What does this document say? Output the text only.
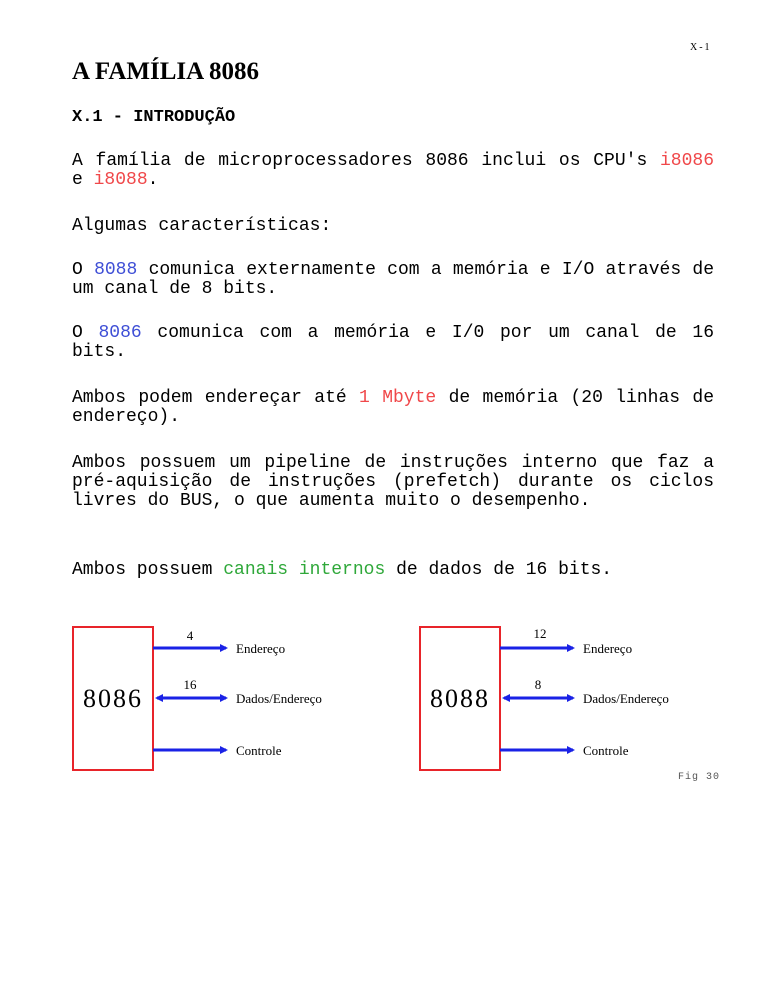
X-1
A FAMÍLIA 8086
X.1 - INTRODUÇÃO

A família de microprocessadores 8086 inclui os CPU's i8086 e i8088.

Algumas características:

O 8088 comunica externamente com a memória e I/O através de um canal de 8 bits.

O 8086 comunica com a memória e I/0 por um canal de 16 bits.

Ambos podem endereçar até 1 Mbyte de memória (20 linhas de endereço).

Ambos possuem um pipeline de instruções interno que faz a pré-aquisição de instruções (prefetch) durante os ciclos livres do BUS, o que aumenta muito o desempenho.

Ambos possuem canais internos de dados de 16 bits.

8086
4
Endereço
16
Dados/Endereço
Controle
8088
12
Endereço
8
Dados/Endereço
Controle
Fig 30
